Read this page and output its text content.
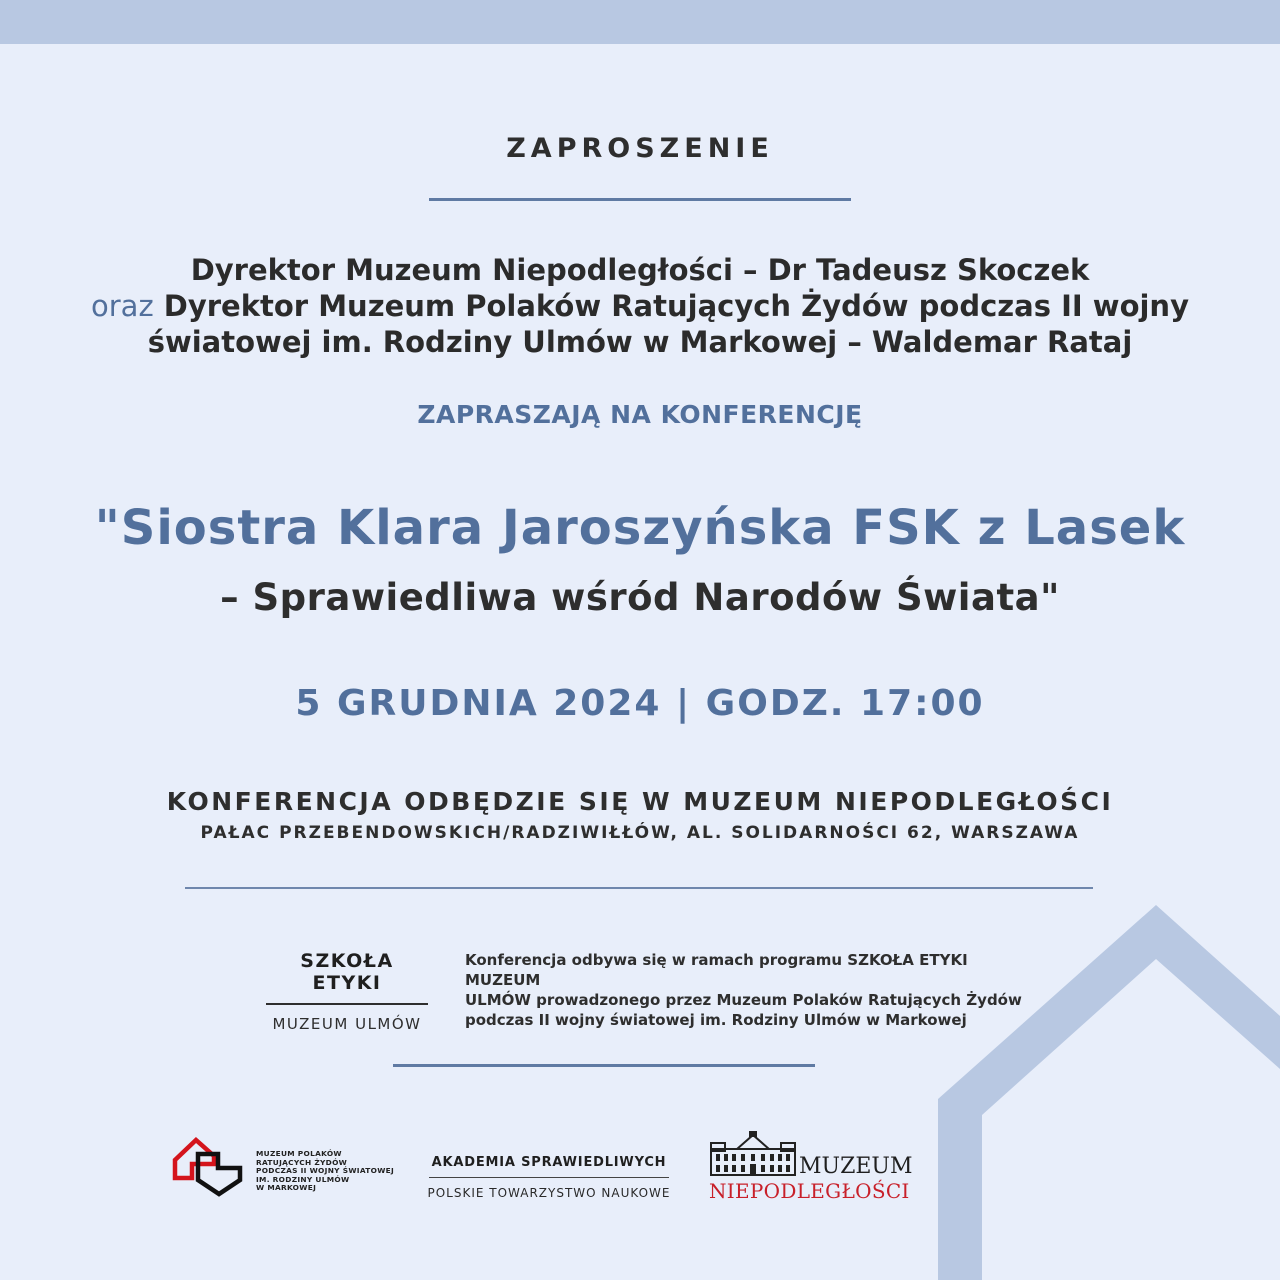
ZAPROSZENIE
Dyrektor Muzeum Niepodległości – Dr Tadeusz Skoczek
oraz Dyrektor Muzeum Polaków Ratujących Żydów podczas II wojny
światowej im. Rodziny Ulmów w Markowej – Waldemar Rataj
ZAPRASZAJĄ NA KONFERENCJĘ
"Siostra Klara Jaroszyńska FSK z Lasek
– Sprawiedliwa wśród Narodów Świata"
5 GRUDNIA 2024 | GODZ. 17:00
KONFERENCJA ODBĘDZIE SIĘ W MUZEUM NIEPODLEGŁOŚCI
PAŁAC PRZEBENDOWSKICH/RADZIWIŁŁÓW, AL. SOLIDARNOŚCI 62, WARSZAWA
SZKOŁA ETYKI
MUZEUM ULMÓW
Konferencja odbywa się w ramach programu SZKOŁA ETYKI MUZEUM
ULMÓW prowadzonego przez Muzeum Polaków Ratujących Żydów
podczas II wojny światowej im. Rodziny Ulmów w Markowej
MUZEUM POLAKÓW
RATUJĄCYCH ŻYDÓW
PODCZAS II WOJNY ŚWIATOWEJ
IM. RODZINY ULMÓW
W MARKOWEJ
AKADEMIA SPRAWIEDLIWYCH
POLSKIE TOWARZYSTWO NAUKOWE
MUZEUM
NIEPODLEGŁOŚCI
